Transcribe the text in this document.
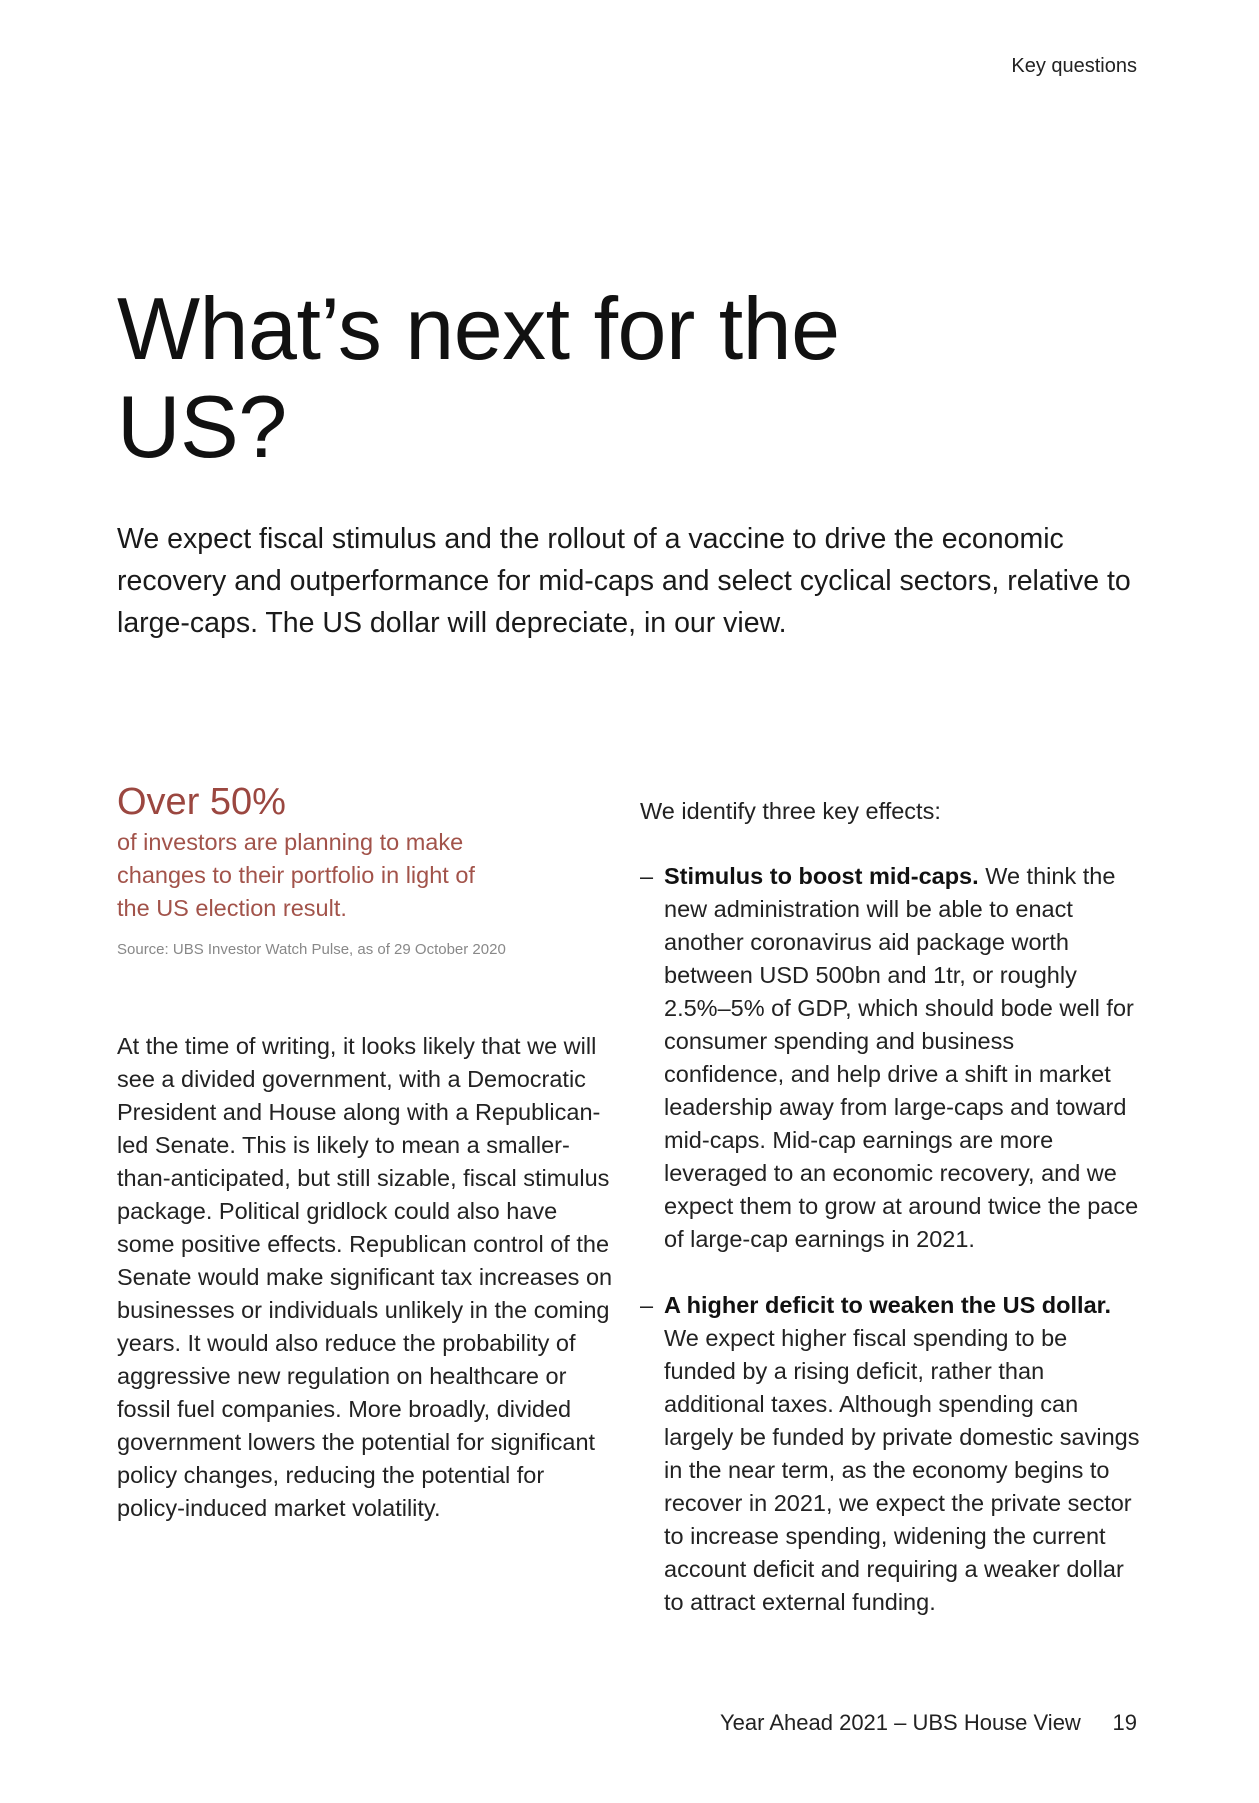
Key questions
What’s next for the US?

We expect fiscal stimulus and the rollout of a vaccine to drive the economic recovery and outperformance for mid-caps and select cyclical sectors, relative to large-caps. The US dollar will depreciate, in our view.

Over 50%

of investors are planning to make changes to their portfolio in light of the US election result.

Source: UBS Investor Watch Pulse, as of 29 October 2020

At the time of writing, it looks likely that we will see a divided government, with a Democratic President and House along with a Republican-led Senate. This is likely to mean a smaller-than-anticipated, but still sizable, fiscal stimulus package. Political gridlock could also have some positive effects. Republican control of the Senate would make significant tax increases on businesses or individuals unlikely in the coming years. It would also reduce the probability of aggressive new regulation on healthcare or fossil fuel companies. More broadly, divided government lowers the potential for significant policy changes, reducing the potential for policy-induced market volatility.

We identify three key effects:

– Stimulus to boost mid-caps. We think the new administration will be able to enact another coronavirus aid package worth between USD 500bn and 1tr, or roughly 2.5%–5% of GDP, which should bode well for consumer spending and business confidence, and help drive a shift in market leadership away from large-caps and toward mid-caps. Mid-cap earnings are more leveraged to an economic recovery, and we expect them to grow at around twice the pace of large-cap earnings in 2021.
– A higher deficit to weaken the US dollar. We expect higher fiscal spending to be funded by a rising deficit, rather than additional taxes. Although spending can largely be funded by private domestic savings in the near term, as the economy begins to recover in 2021, we expect the private sector to increase spending, widening the current account deficit and requiring a weaker dollar to attract external funding.
Year Ahead 2021 – UBS House View 19
